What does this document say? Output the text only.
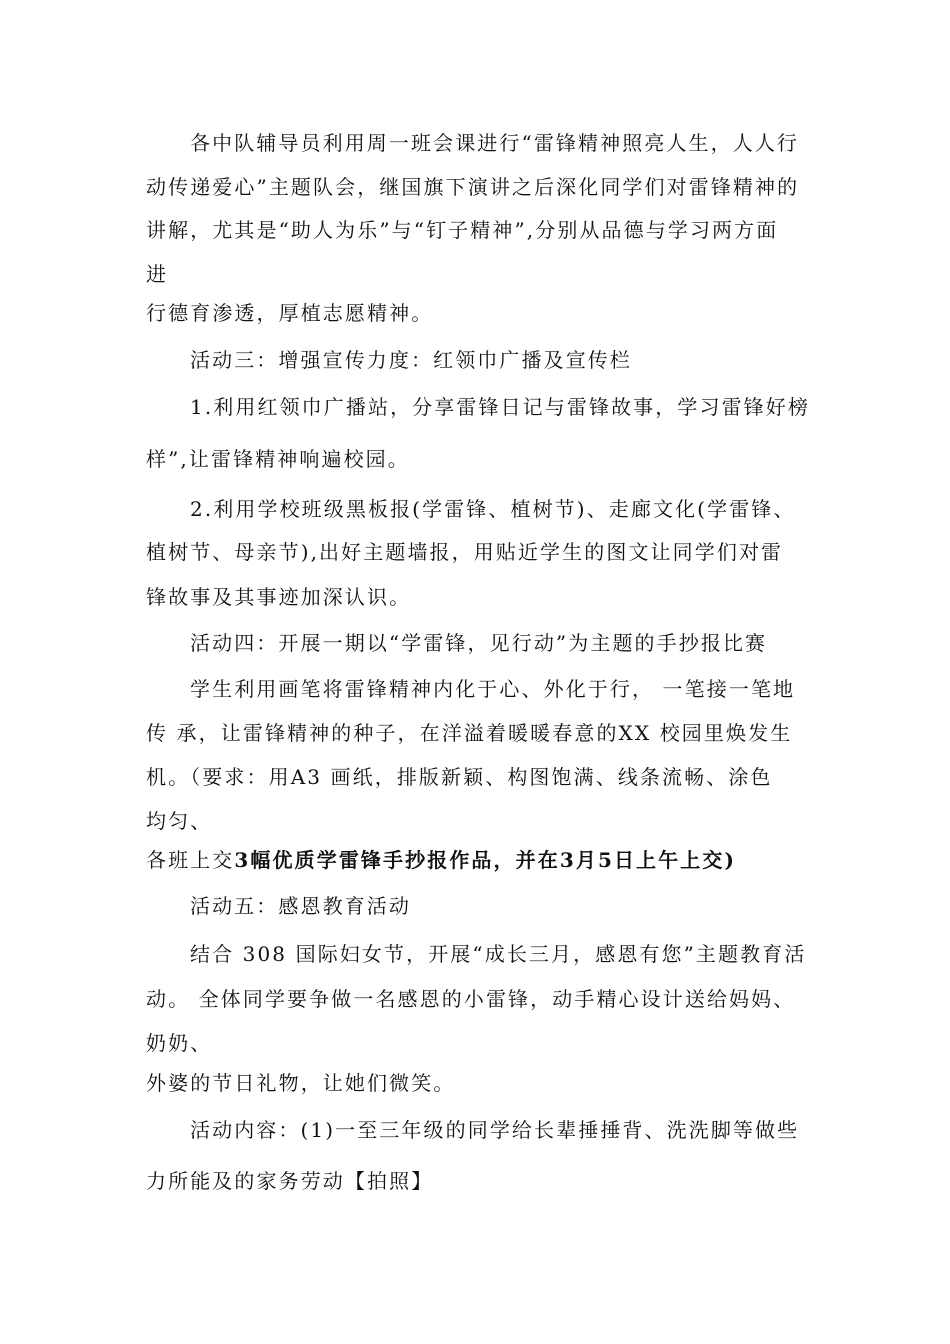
各中队辅导员利用周一班会课进行“雷锋精神照亮人生，人人行
动传递爱心”主题队会，继国旗下演讲之后深化同学们对雷锋精神的
讲解，尤其是“助人为乐”与“钉子精神”,分别从品德与学习两方面
进
行德育渗透，厚植志愿精神。
活动三：增强宣传力度：红领巾广播及宣传栏
1.利用红领巾广播站，分享雷锋日记与雷锋故事，学习雷锋好榜
样”,让雷锋精神响遍校园。
2.利用学校班级黑板报(学雷锋、植树节)、走廊文化(学雷锋、
植树节、母亲节),出好主题墙报，用贴近学生的图文让同学们对雷
锋故事及其事迹加深认识。
活动四：开展一期以“学雷锋，见行动”为主题的手抄报比赛
学生利用画笔将雷锋精神内化于心、外化于行， 一笔接一笔地
传 承，让雷锋精神的种子，在洋溢着暖暖春意的XX 校园里焕发生
机。（要求：用A3 画纸，排版新颖、构图饱满、线条流畅、涂色
均匀、
各班上交3幅优质学雷锋手抄报作品，并在3月5日上午上交)
活动五：感恩教育活动
结合 308 国际妇女节，开展“成长三月，感恩有您”主题教育活
动。 全体同学要争做一名感恩的小雷锋，动手精心设计送给妈妈、
奶奶、
外婆的节日礼物，让她们微笑。
活动内容：(1)一至三年级的同学给长辈捶捶背、洗洗脚等做些
力所能及的家务劳动【拍照】
